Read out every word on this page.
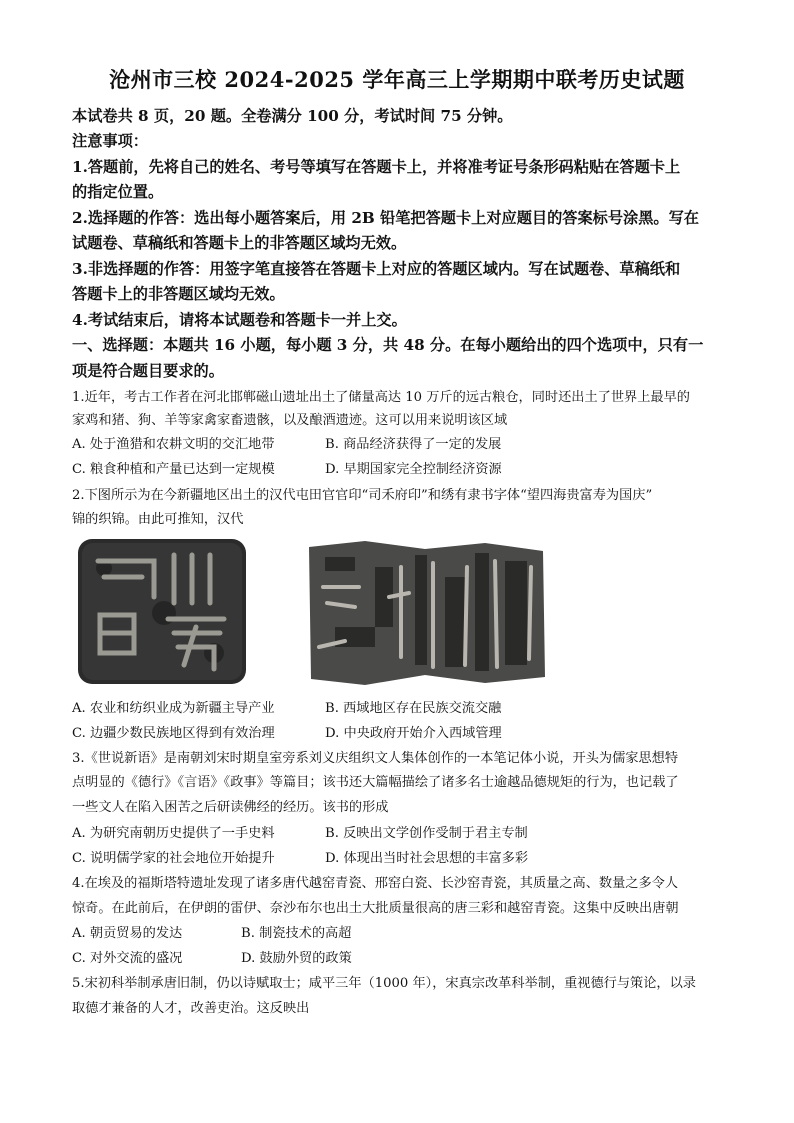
沧州市三校 2024-2025 学年高三上学期期中联考历史试题
本试卷共 8 页，20 题。全卷满分 100 分，考试时间 75 分钟。
注意事项：
1.答题前，先将自己的姓名、考号等填写在答题卡上，并将准考证号条形码粘贴在答题卡上
的指定位置。
2.选择题的作答：选出每小题答案后，用 2B 铅笔把答题卡上对应题目的答案标号涂黑。写在
试题卷、草稿纸和答题卡上的非答题区域均无效。
3.非选择题的作答：用签字笔直接答在答题卡上对应的答题区域内。写在试题卷、草稿纸和
答题卡上的非答题区域均无效。
4.考试结束后，请将本试题卷和答题卡一并上交。
一、选择题：本题共 16 小题，每小题 3 分，共 48 分。在每小题给出的四个选项中，只有一
项是符合题目要求的。
1.近年，考古工作者在河北邯郸磁山遗址出土了储量高达 10 万斤的远古粮仓，同时还出土了世界上最早的
家鸡和猪、狗、羊等家禽家畜遗骸，以及酿酒遗迹。这可以用来说明该区域
A. 处于渔猎和农耕文明的交汇地带	B. 商品经济获得了一定的发展
C. 粮食种植和产量已达到一定规模	D. 早期国家完全控制经济资源
2.下图所示为在今新疆地区出土的汉代屯田官官印“司禾府印”和绣有隶书字体“望四海贵富寿为国庆”
锦的织锦。由此可推知，汉代
A. 农业和纺织业成为新疆主导产业	B. 西域地区存在民族交流交融
C. 边疆少数民族地区得到有效治理	D. 中央政府开始介入西域管理
3.《世说新语》是南朝刘宋时期皇室旁系刘义庆组织文人集体创作的一本笔记体小说，开头为儒家思想特
点明显的《德行》《言语》《政事》等篇目；该书还大篇幅描绘了诸多名士逾越品德规矩的行为，也记载了
一些文人在陷入困苦之后研读佛经的经历。该书的形成
A. 为研究南朝历史提供了一手史料	B. 反映出文学创作受制于君主专制
C. 说明儒学家的社会地位开始提升	D. 体现出当时社会思想的丰富多彩
4.在埃及的福斯塔特遗址发现了诸多唐代越窑青瓷、邢窑白瓷、长沙窑青瓷，其质量之高、数量之多令人
惊奇。在此前后，在伊朗的雷伊、奈沙布尔也出土大批质量很高的唐三彩和越窑青瓷。这集中反映出唐朝
A. 朝贡贸易的发达	B. 制瓷技术的高超
C. 对外交流的盛况	D. 鼓励外贸的政策
5.宋初科举制承唐旧制，仍以诗赋取士；咸平三年（1000 年），宋真宗改革科举制，重视德行与策论，以录
取德才兼备的人才，改善吏治。这反映出
